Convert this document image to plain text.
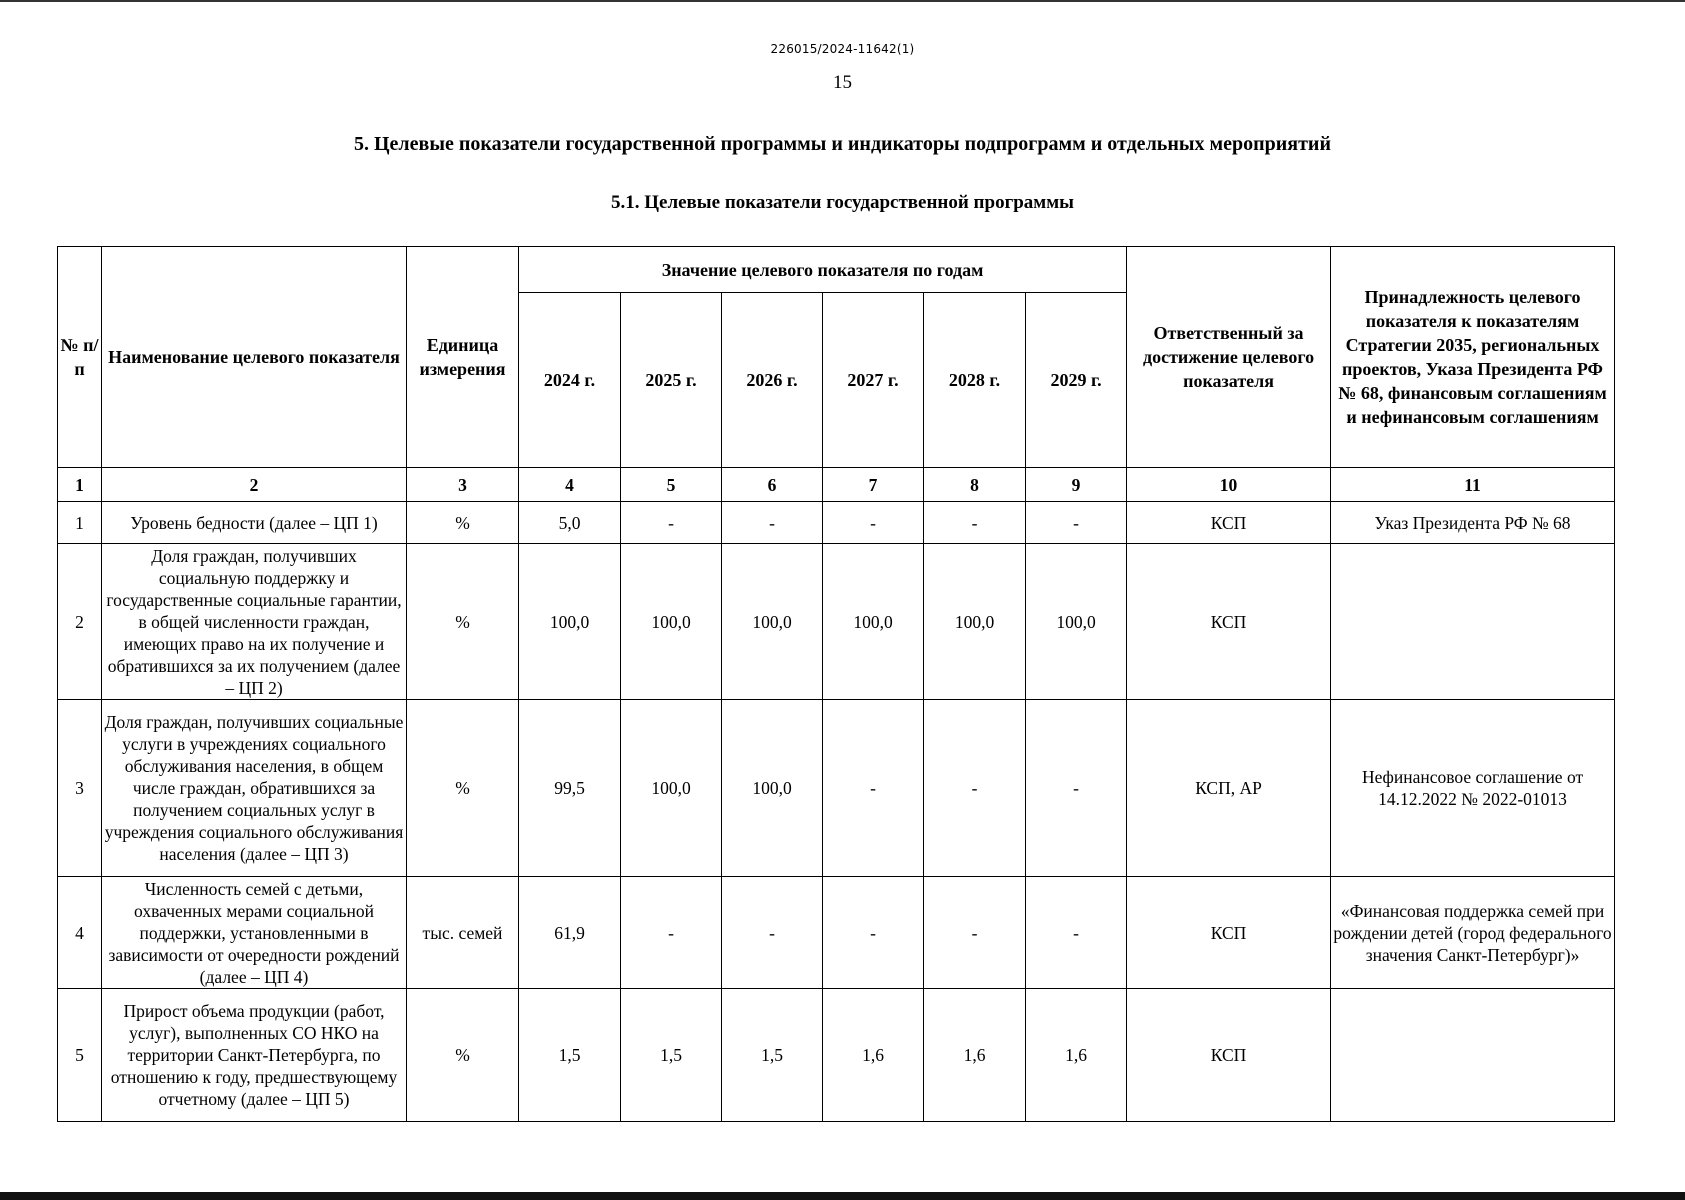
226015/2024-11642(1)
15
5. Целевые показатели государственной программы и индикаторы подпрограмм и отдельных мероприятий
5.1. Целевые показатели государственной программы
№ п/п	Наименование целевого показателя	Единица измерения	Значение целевого показателя по годам						Ответственный за достижение целевого показателя	Принадлежность целевого показателя к показателям Стратегии 2035, региональных проектов, Указа Президента РФ № 68, финансовым соглашениям и нефинансовым соглашениям
			2024 г.	2025 г.	2026 г.	2027 г.	2028 г.	2029 г.		
1	2	3	4	5	6	7	8	9	10	11
1	Уровень бедности (далее – ЦП 1)	%	5,0	-	-	-	-	-	КСП	Указ Президента РФ № 68
2	Доля граждан, получивших социальную поддержку и государственные социальные гарантии, в общей численности граждан, имеющих право на их получение и обратившихся за их получением (далее – ЦП 2)	%	100,0	100,0	100,0	100,0	100,0	100,0	КСП	
3	Доля граждан, получивших социальные услуги в учреждениях социального обслуживания населения, в общем числе граждан, обратившихся за получением социальных услуг в учреждения социального обслуживания населения (далее – ЦП 3)	%	99,5	100,0	100,0	-	-	-	КСП, АР	Нефинансовое соглашение от 14.12.2022 № 2022-01013
4	Численность семей с детьми, охваченных мерами социальной поддержки, установленными в зависимости от очередности рождений (далее – ЦП 4)	тыс. семей	61,9	-	-	-	-	-	КСП	«Финансовая поддержка семей при рождении детей (город федерального значения Санкт-Петербург)»
5	Прирост объема продукции (работ, услуг), выполненных СО НКО на территории Санкт-Петербурга, по отношению к году, предшествующему отчетному (далее – ЦП 5)	%	1,5	1,5	1,5	1,6	1,6	1,6	КСП	
